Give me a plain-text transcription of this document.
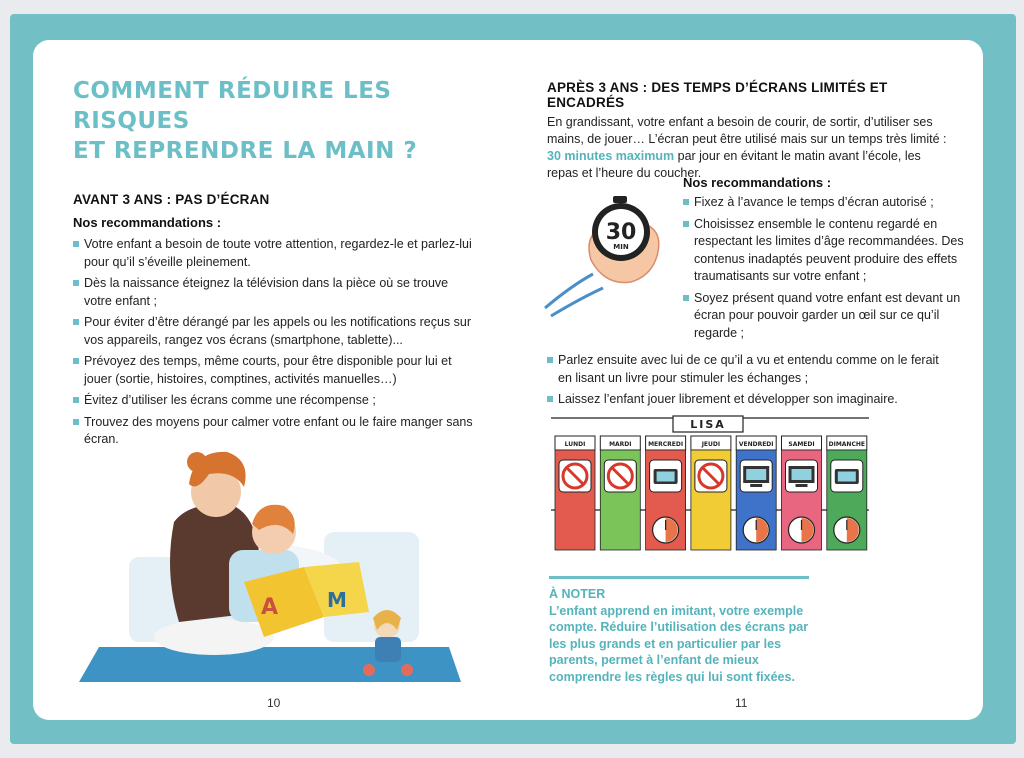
COMMENT RÉDUIRE LES RISQUES
ET REPRENDRE LA MAIN ?
AVANT 3 ANS : PAS D’ÉCRAN
Nos recommandations :
Votre enfant a besoin de toute votre attention, regardez-le et parlez-lui pour qu’il s’éveille pleinement.
Dès la naissance éteignez la télévision dans la pièce où se trouve votre enfant ;
Pour éviter d’être dérangé par les appels ou les notifications reçus sur vos appareils, rangez vos écrans (smartphone, tablette)...
Prévoyez des temps, même courts, pour être disponible pour lui et jouer (sortie, histoires, comptines, activités manuelles…)
Évitez d’utiliser les écrans comme une récompense ;
Trouvez des moyens pour calmer votre enfant ou le faire manger sans écran.
A M
10
APRÈS 3 ANS : DES TEMPS D’ÉCRANS LIMITÉS ET ENCADRÉS

En grandissant, votre enfant a besoin de courir, de sortir, d’utiliser ses mains, de jouer… L’écran peut être utilisé mais sur un temps très limité : 30 minutes maximum par jour en évitant le matin avant l’école, les repas et l’heure du coucher.

30
MIN
Nos recommandations :
Fixez à l’avance le temps d’écran autorisé ;
Choisissez ensemble le contenu regardé en respectant les limites d’âge recommandées. Des contenus inadaptés peuvent produire des effets traumatisants sur votre enfant ;
Soyez présent quand votre enfant est devant un écran pour pouvoir garder un œil sur ce qu’il regarde ;
Parlez ensuite avec lui de ce qu’il a vu et entendu comme on le ferait en lisant un livre pour stimuler les échanges ;
Laissez l’enfant jouer librement et développer son imaginaire.
LISA
LUNDI	MARDI	MERCREDI	JEUDI	VENDREDI SAMEDI DIMANCHE
À NOTER
L’enfant apprend en imitant, votre exemple compte. Réduire l’utilisation des écrans par les plus grands et en particulier par les parents, permet à l’enfant de mieux comprendre les règles qui lui sont fixées.
11
